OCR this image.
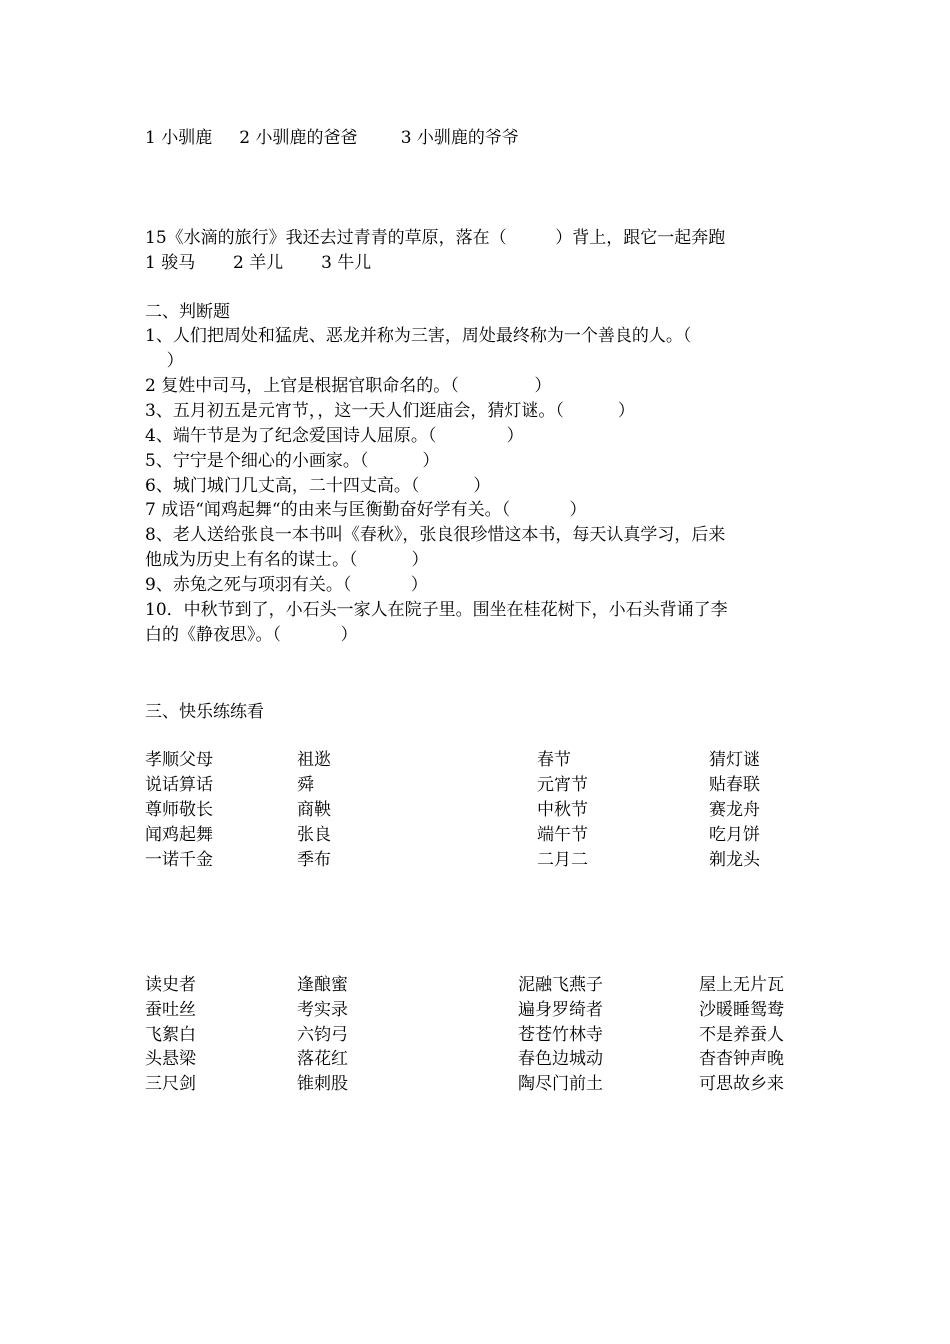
1 小驯鹿     2 小驯鹿的爸爸        3 小驯鹿的爷爷
15《水滴的旅行》我还去过青青的草原，落在（         ）背上，跟它一起奔跑
1 骏马       2 羊儿       3 牛儿
二、判断题
1、人们把周处和猛虎、恶龙并称为三害，周处最终称为一个善良的人。（
）
2 复姓中司马，上官是根据官职命名的。（              ）
3、五月初五是元宵节，，这一天人们逛庙会，猜灯谜。（          ）
4、端午节是为了纪念爱国诗人屈原。（             ）
5、宁宁是个细心的小画家。（          ）
6、城门城门几丈高，二十四丈高。（          ）
7 成语“闻鸡起舞“的由来与匡衡勤奋好学有关。（           ）
8、老人送给张良一本书叫《春秋》，张良很珍惜这本书，每天认真学习，后来
他成为历史上有名的谋士。（          ）
9、赤兔之死与项羽有关。（           ）
10．中秋节到了，小石头一家人在院子里。围坐在桂花树下，小石头背诵了李
白的《静夜思》。（           ）
三、快乐练练看
孝顺父母	祖逖	春节	猜灯谜
说话算话	舜	元宵节	贴春联
尊师敬长	商鞅	中秋节	赛龙舟
闻鸡起舞	张良	端午节	吃月饼
一诺千金	季布	二月二	剃龙头
读史者	逢酿蜜	泥融飞燕子	屋上无片瓦
蚕吐丝	考实录	遍身罗绮者	沙暖睡鸳鸯
飞絮白	六钧弓	苍苍竹林寺	不是养蚕人
头悬梁	落花红	春色边城动	杳杳钟声晚
三尺剑	锥刺股	陶尽门前土	可思故乡来
